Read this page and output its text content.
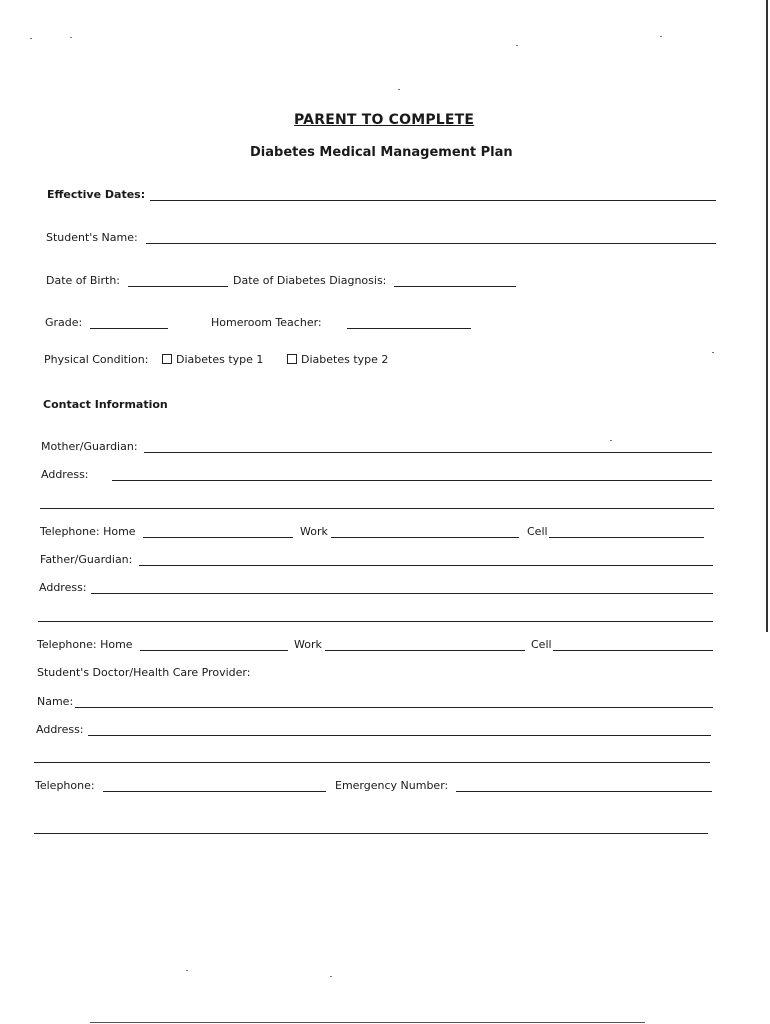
PARENT TO COMPLETE
Diabetes Medical Management Plan
Effective Dates:
Student's Name:
Date of Birth:	Date of Diabetes Diagnosis:
Grade:	Homeroom Teacher:
Physical Condition:	Diabetes type 1	Diabetes type 2
Contact Information
Mother/Guardian:
Address:
Telephone: Home	Work	Cell
Father/Guardian:
Address:
Telephone: Home	Work	Cell
Student's Doctor/Health Care Provider:
Name:
Address:
Telephone:	Emergency Number:
